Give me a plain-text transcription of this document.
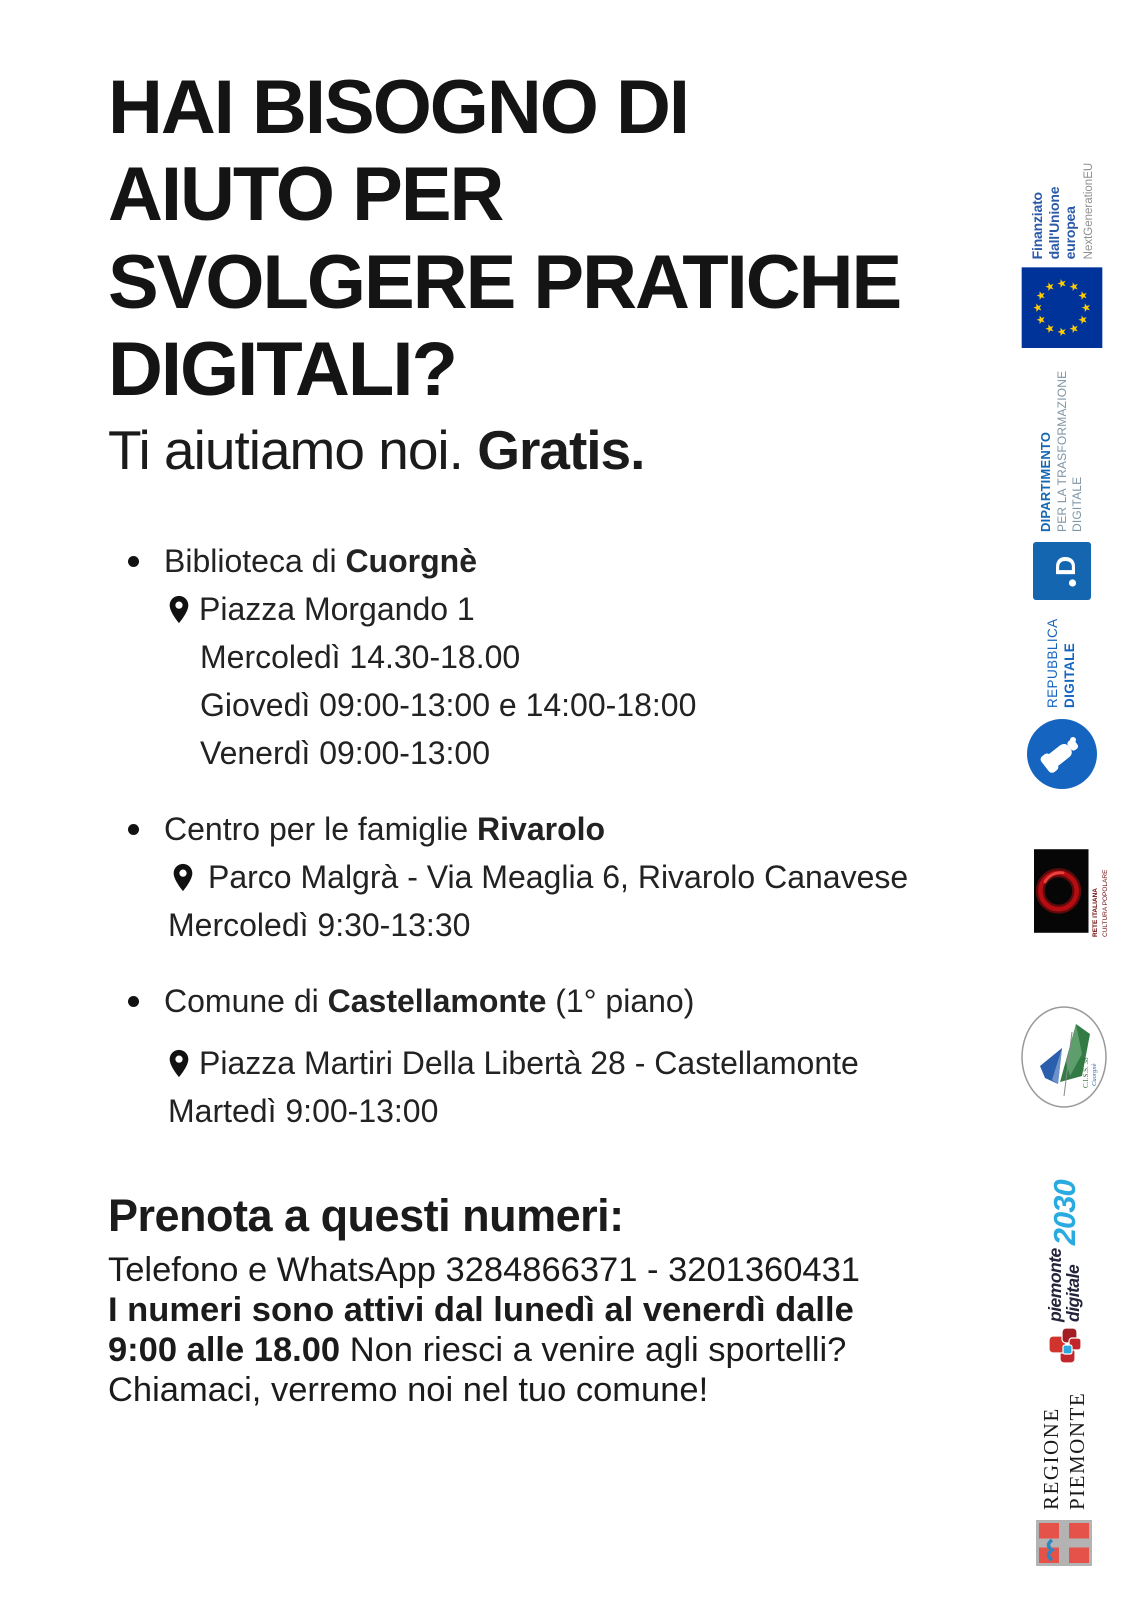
HAI BISOGNO DI
AIUTO PER
SVOLGERE PRATICHE
DIGITALI?
Ti aiutiamo noi. Gratis.
Biblioteca di Cuorgnè
Piazza Morgando 1
Mercoledì 14.30-18.00
Giovedì 09:00-13:00 e 14:00-18:00
Venerdì 09:00-13:00
Centro per le famiglie Rivarolo
Parco Malgrà - Via Meaglia 6, Rivarolo Canavese
Mercoledì 9:30-13:30
Comune di Castellamonte (1° piano)
Piazza Martiri Della Libertà 28 - Castellamonte
Martedì 9:00-13:00
Prenota a questi numeri:
Telefono e WhatsApp 3284866371 - 3201360431
I numeri sono attivi dal lunedì al venerdì dalle
9:00 alle 18.00 Non riesci a venire agli sportelli?
Chiamaci, verremo noi nel tuo comune!
Finanziato dall'Unione europea NextGenerationEU
D
DIPARTIMENTO PER LA TRASFORMAZIONE DIGITALE
REPUBBLICA DIGITALE
RETE ITALIANA CULTURA POPOLARE
C.I.S.S. 38 Cuorgnè
piemonte
digitale
2030
REGIONE PIEMONTE
